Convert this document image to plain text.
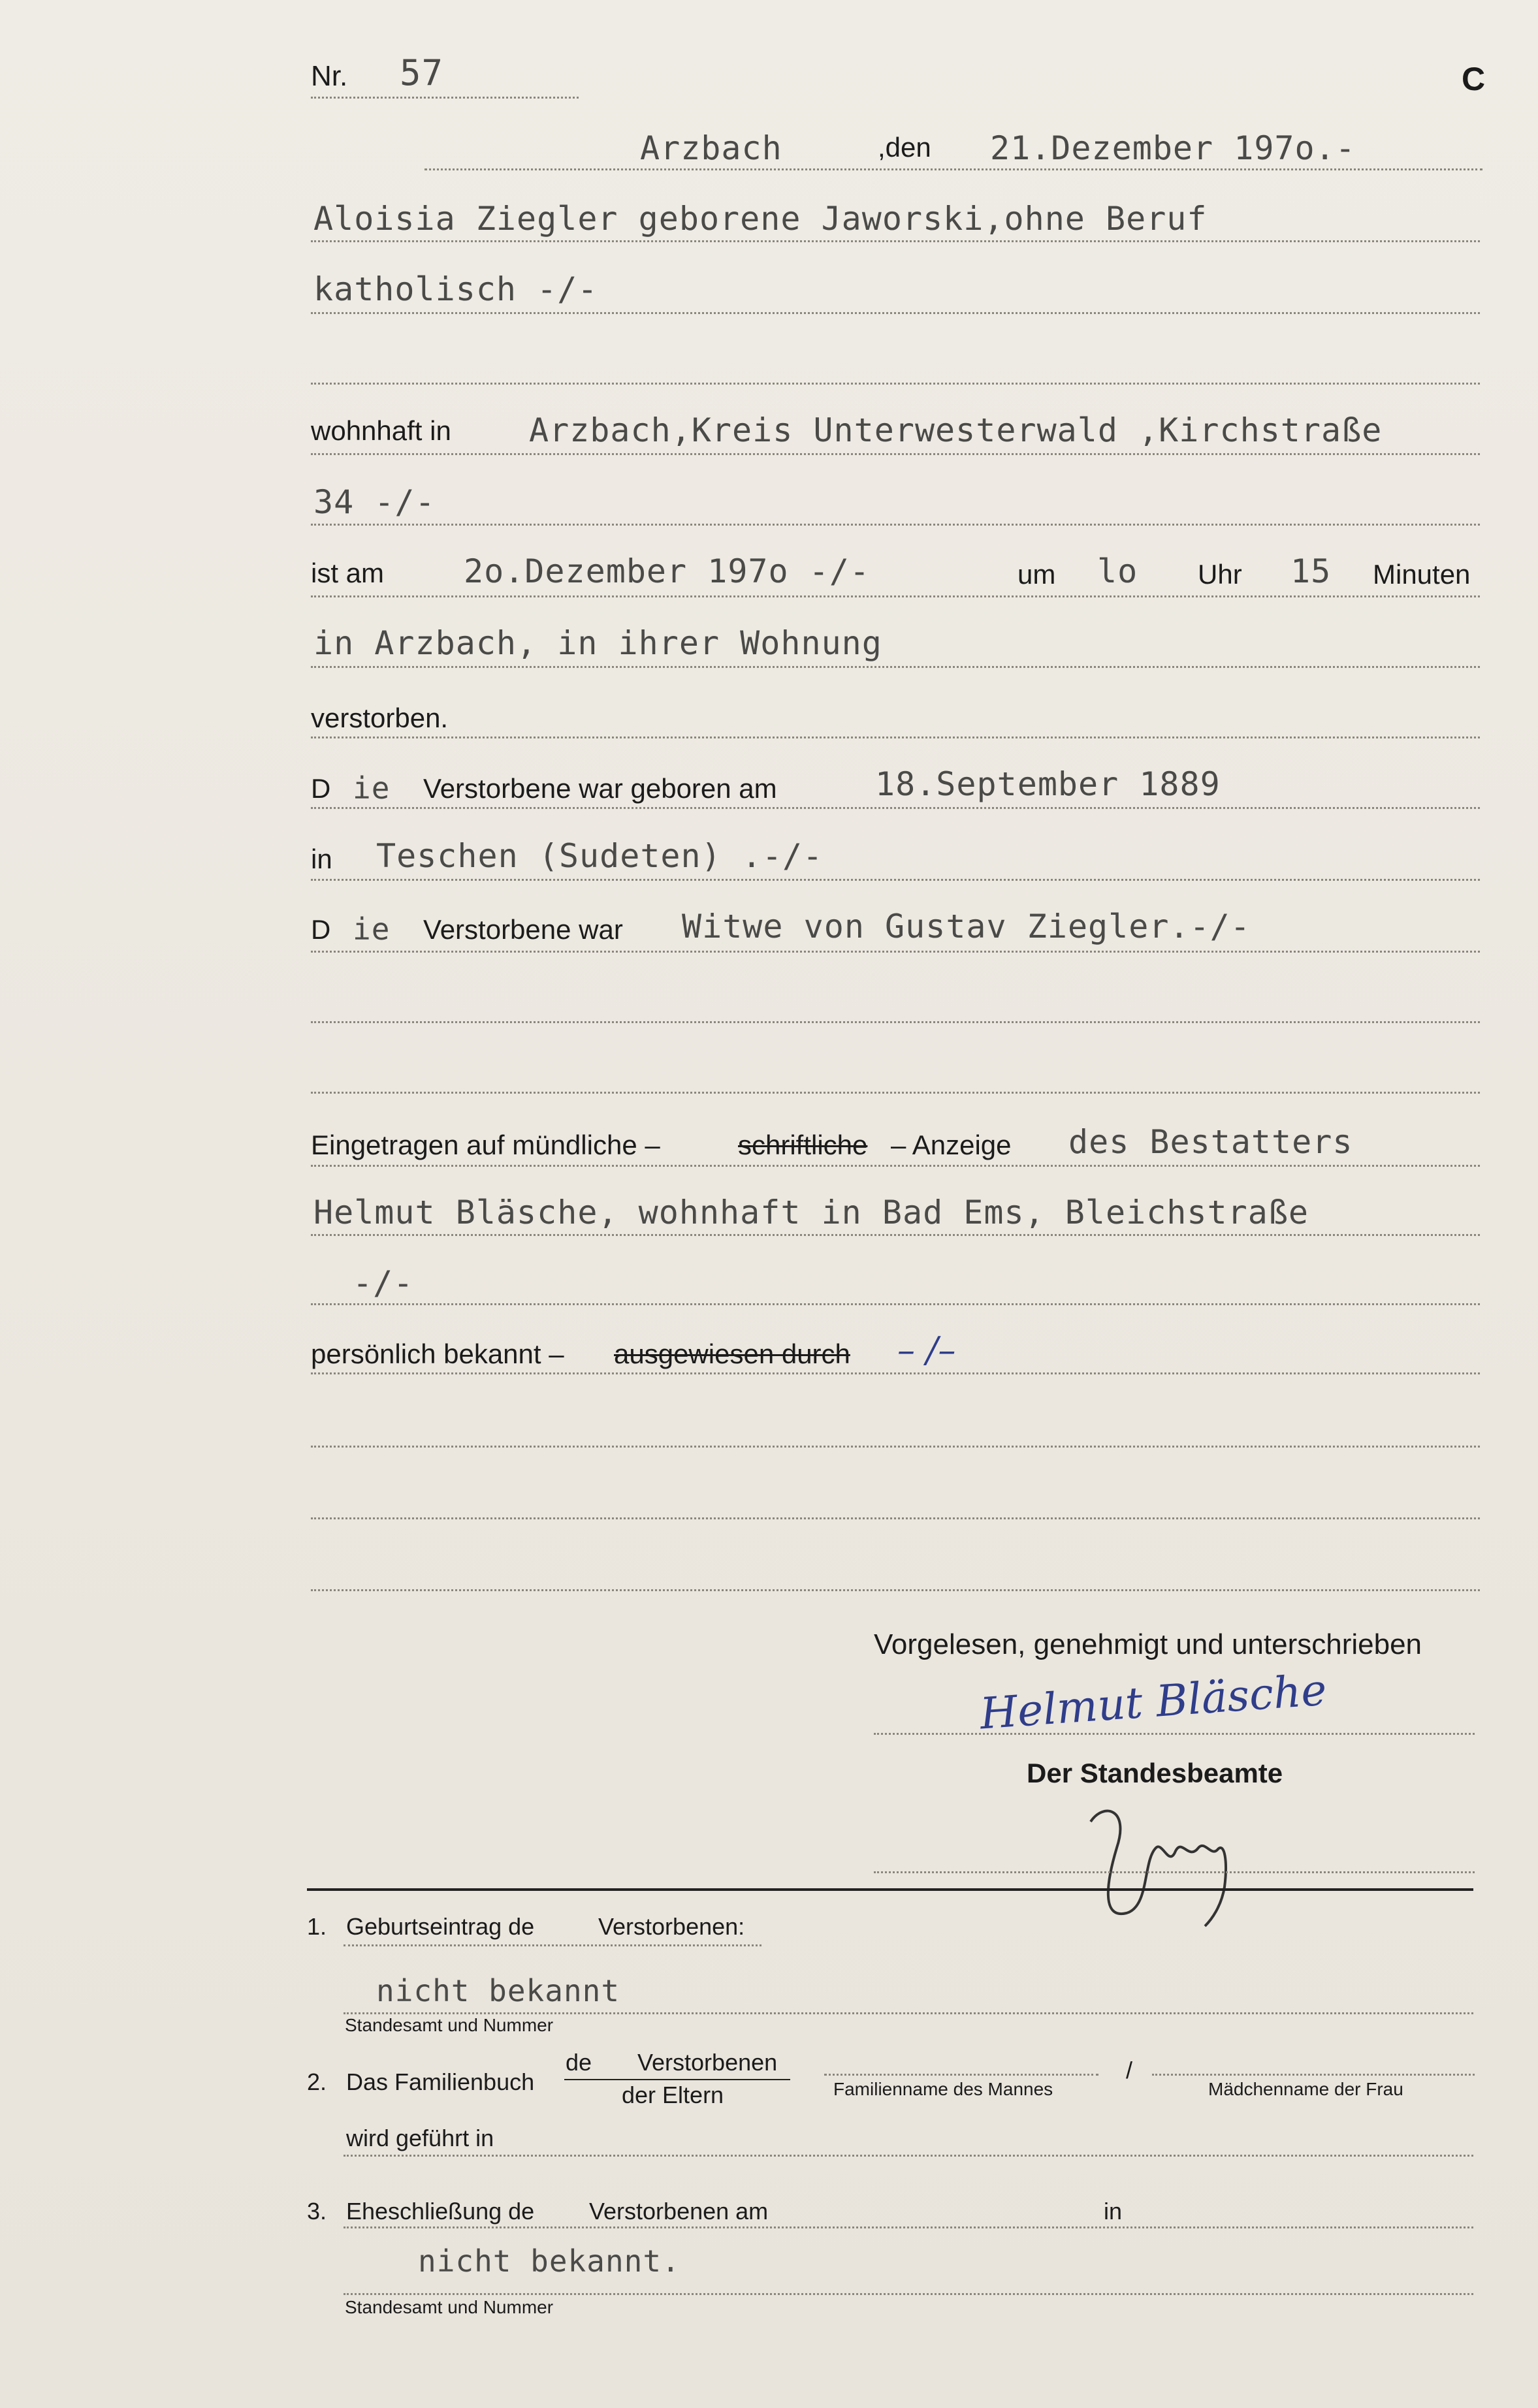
Nr. 57	C
Arzbach	,den 21.Dezember 197o.-
Aloisia Ziegler geborene Jaworski,ohne Beruf
katholisch -/-
wohnhaft in Arzbach,Kreis Unterwesterwald ,Kirchstraße
34 -/-
ist am 2o.Dezember 197o -/-	um lo Uhr 15 Minuten
in Arzbach, in ihrer Wohnung
verstorben.
D ie Verstorbene war geboren am	18.September 1889
in Teschen (Sudeten) .-/-
D ie Verstorbene war Witwe von Gustav Ziegler.-/-
Eingetragen auf mündliche –	schriftliche – Anzeige des Bestatters
Helmut Bläsche, wohnhaft in Bad Ems, Bleichstraße
-/-
persönlich bekannt – ausgewiesen durch – /–
Vorgelesen, genehmigt und unterschrieben
Helmut Bläsche
Der Standesbeamte
1. Geburtseintrag de	Verstorbenen:
nicht bekannt
Standesamt und Nummer
2. Das Familienbuch
de Verstorbenen
der Eltern	Familienname des Mannes
/
Mädchenname der Frau
wird geführt in
3. Eheschließung de Verstorbenen am	in
nicht bekannt.
Standesamt und Nummer
